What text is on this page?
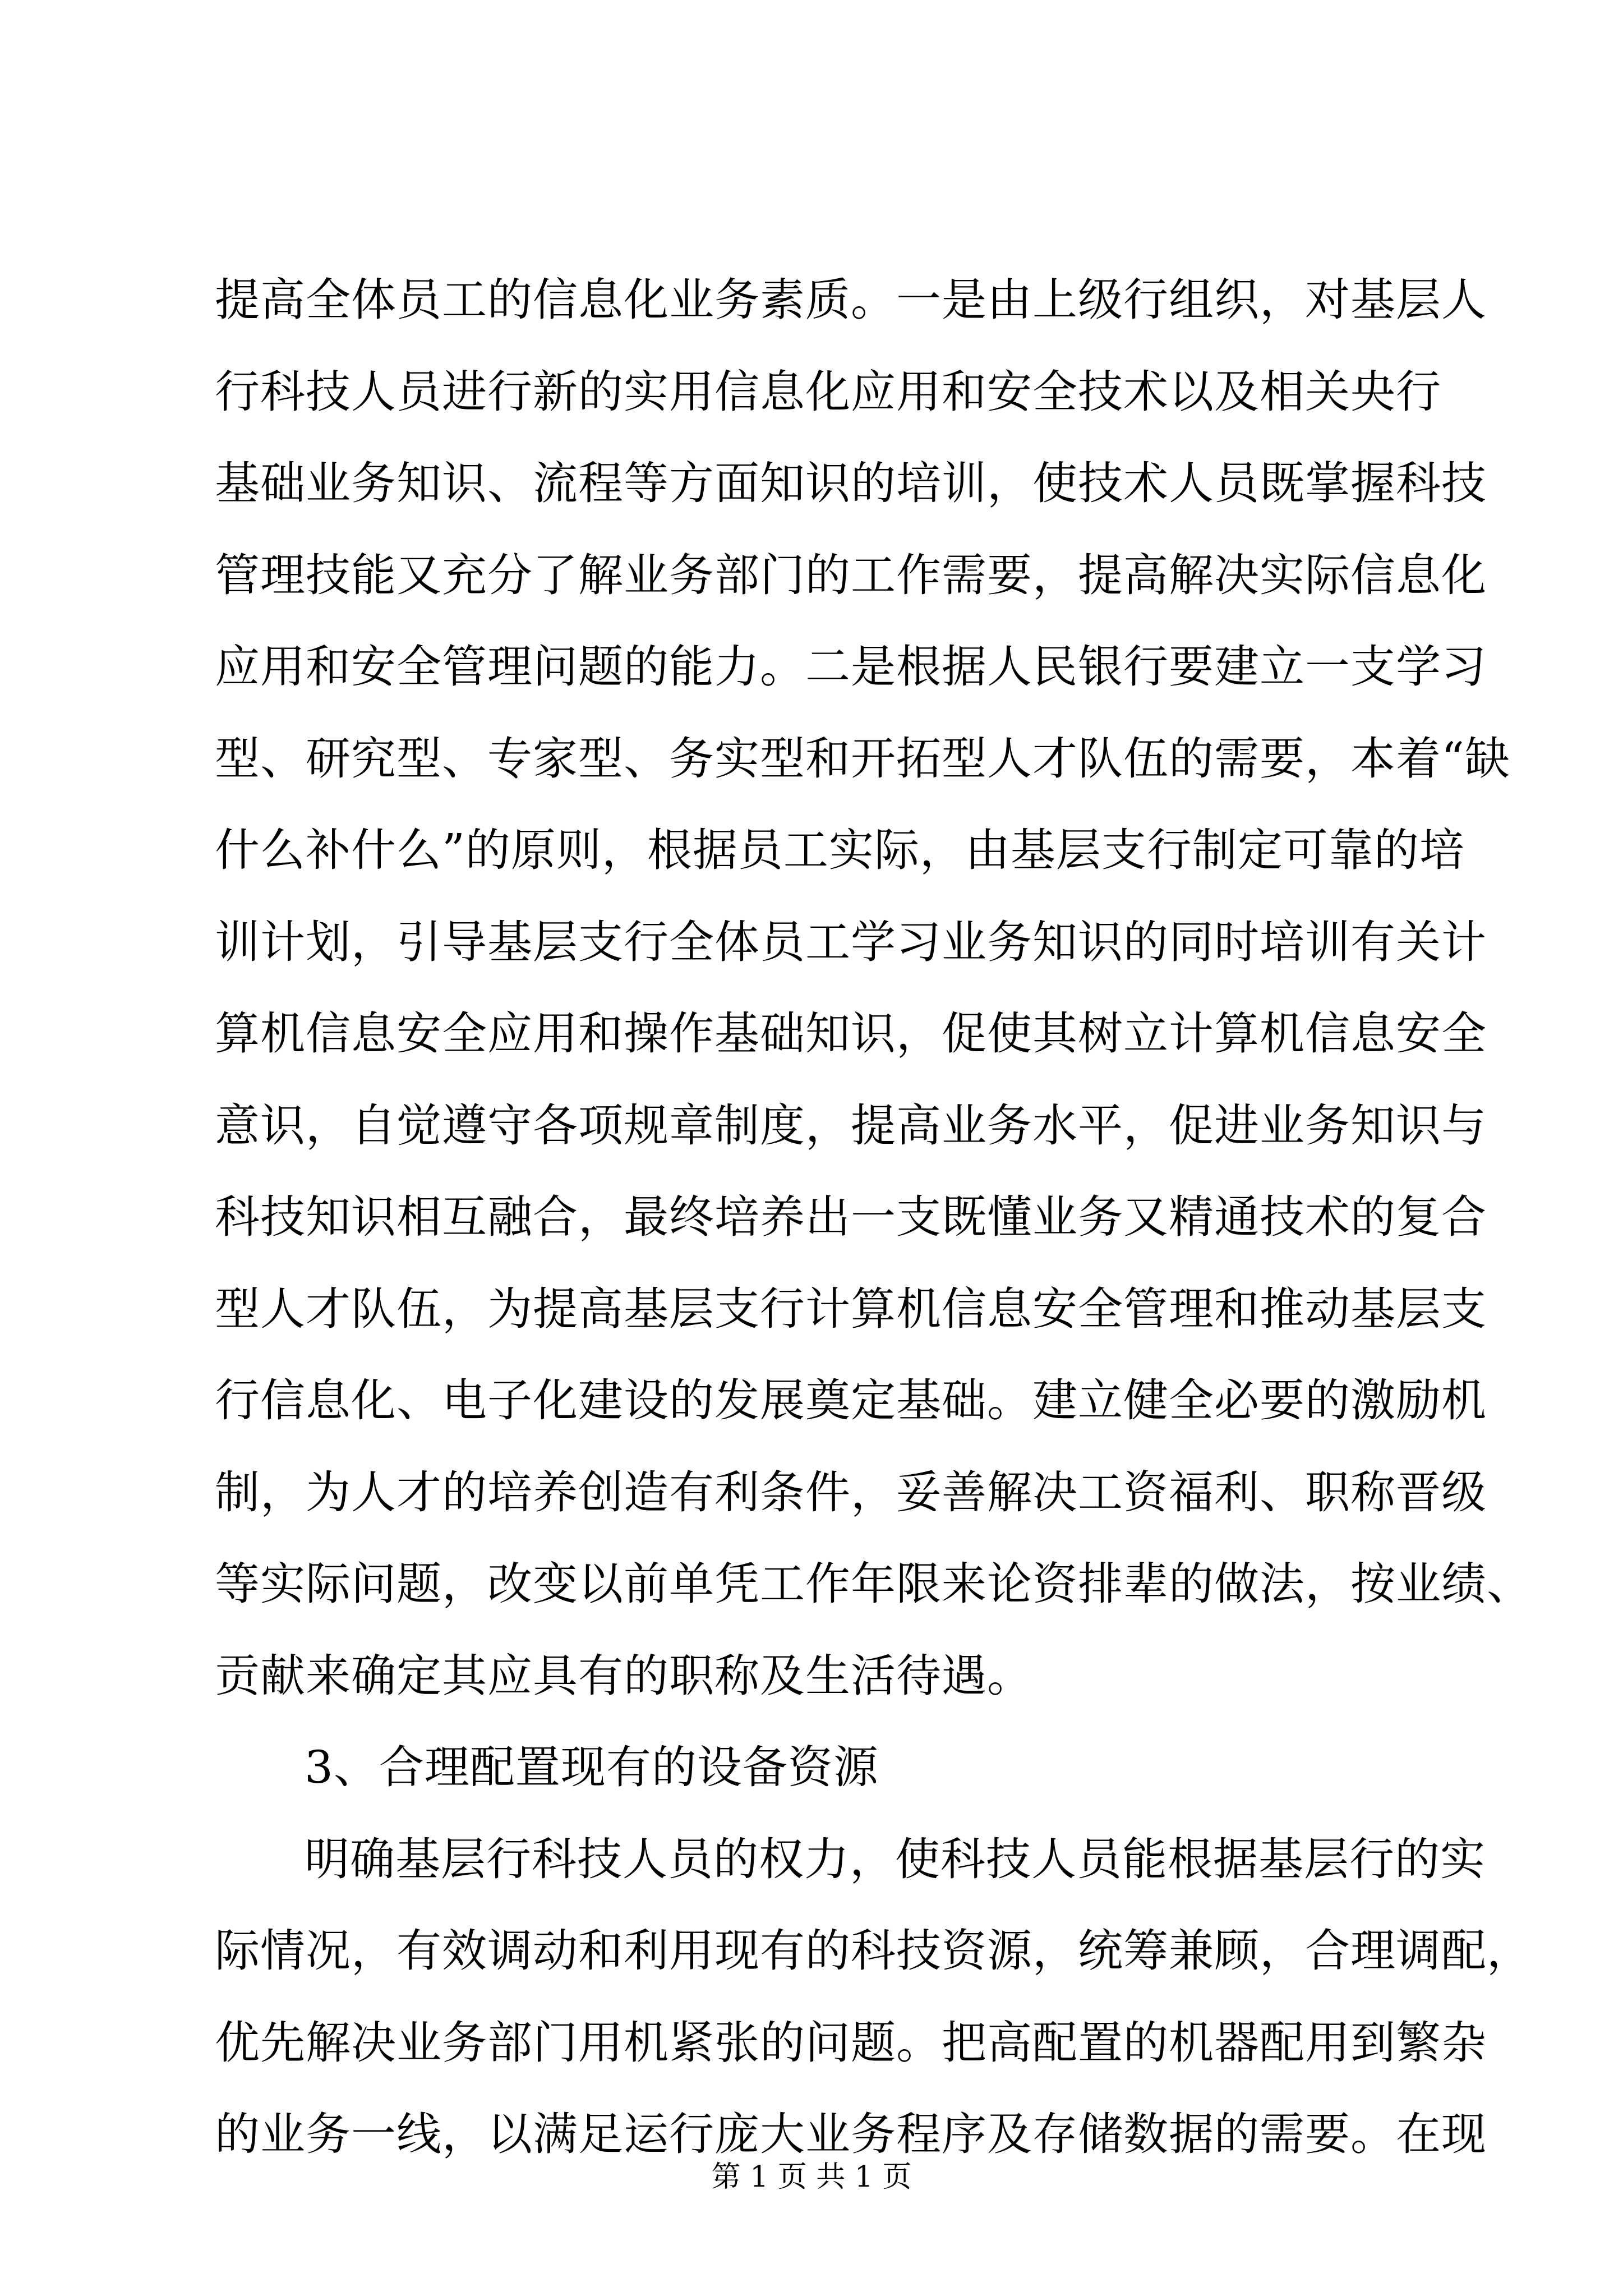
提高全体员工的信息化业务素质。一是由上级行组织，对基层人
行科技人员进行新的实用信息化应用和安全技术以及相关央行
基础业务知识、流程等方面知识的培训，使技术人员既掌握科技
管理技能又充分了解业务部门的工作需要，提高解决实际信息化
应用和安全管理问题的能力。二是根据人民银行要建立一支学习
型、研究型、专家型、务实型和开拓型人才队伍的需要，本着“缺
什么补什么”的原则，根据员工实际，由基层支行制定可靠的培
训计划，引导基层支行全体员工学习业务知识的同时培训有关计
算机信息安全应用和操作基础知识，促使其树立计算机信息安全
意识，自觉遵守各项规章制度，提高业务水平，促进业务知识与
科技知识相互融合，最终培养出一支既懂业务又精通技术的复合
型人才队伍，为提高基层支行计算机信息安全管理和推动基层支
行信息化、电子化建设的发展奠定基础。建立健全必要的激励机
制，为人才的培养创造有利条件，妥善解决工资福利、职称晋级
等实际问题，改变以前单凭工作年限来论资排辈的做法，按业绩、
贡献来确定其应具有的职称及生活待遇。
3、合理配置现有的设备资源
明确基层行科技人员的权力，使科技人员能根据基层行的实
际情况，有效调动和利用现有的科技资源，统筹兼顾，合理调配，
优先解决业务部门用机紧张的问题。把高配置的机器配用到繁杂
的业务一线，以满足运行庞大业务程序及存储数据的需要。在现
第 1 页 共 1 页
